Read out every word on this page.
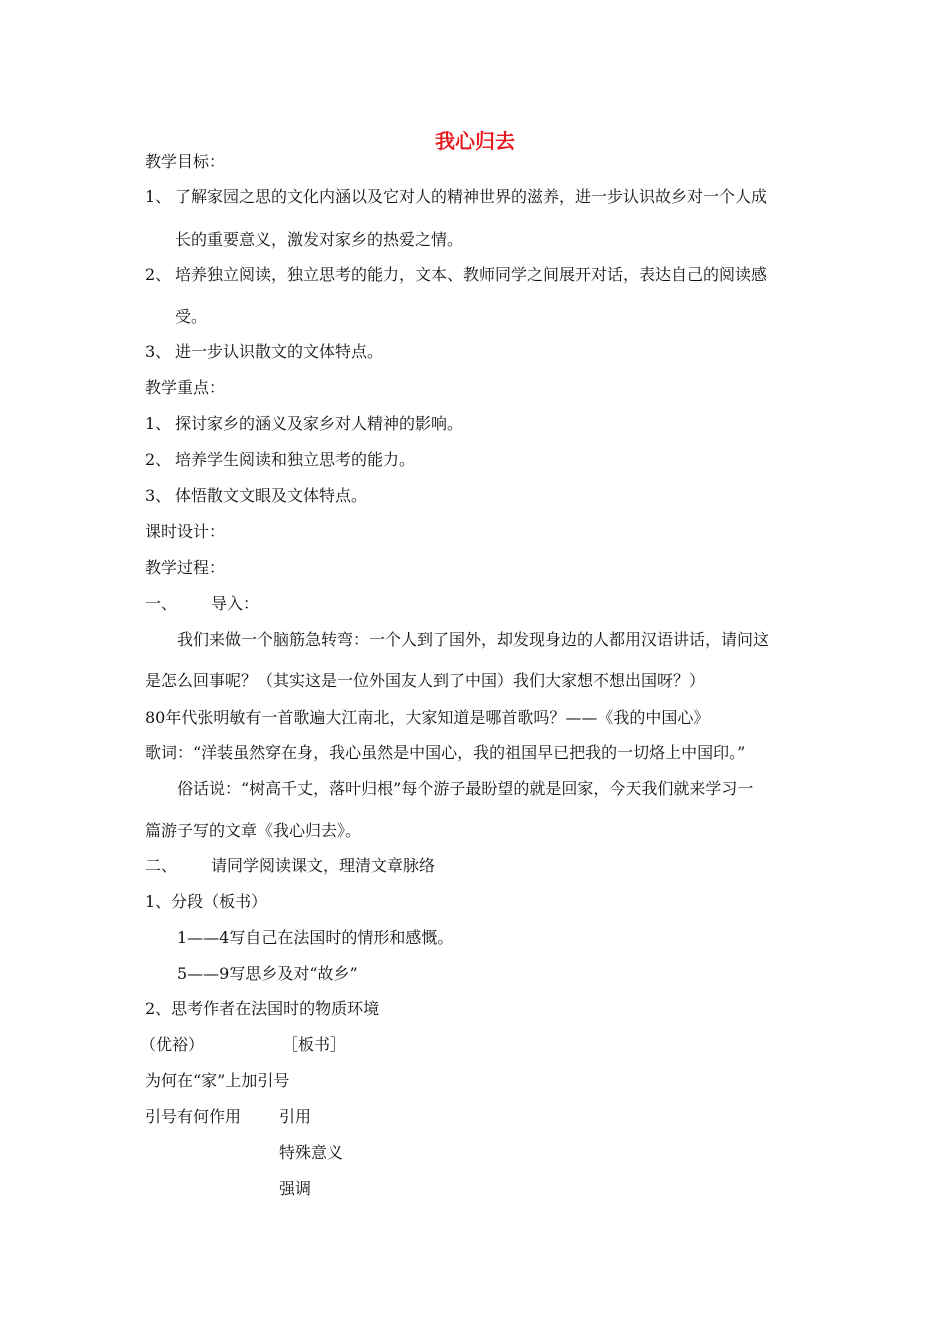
我心归去
教学目标：
1、 了解家园之思的文化内涵以及它对人的精神世界的滋养，进一步认识故乡对一个人成
长的重要意义，激发对家乡的热爱之情。
2、 培养独立阅读，独立思考的能力，文本、教师同学之间展开对话，表达自己的阅读感
受。
3、 进一步认识散文的文体特点。
教学重点：
1、 探讨家乡的涵义及家乡对人精神的影响。
2、 培养学生阅读和独立思考的能力。
3、 体悟散文文眼及文体特点。
课时设计：
教学过程：
一、 导入：
我们来做一个脑筋急转弯：一个人到了国外，却发现身边的人都用汉语讲话，请问这
是怎么回事呢？（其实这是一位外国友人到了中国）我们大家想不想出国呀？）
80年代张明敏有一首歌遍大江南北，大家知道是哪首歌吗？——《我的中国心》
歌词：“洋装虽然穿在身，我心虽然是中国心，我的祖国早已把我的一切烙上中国印。”
俗话说：“树高千丈，落叶归根”每个游子最盼望的就是回家，今天我们就来学习一
篇游子写的文章《我心归去》。
二、 请同学阅读课文，理清文章脉络
1、分段（板书）
1——4写自己在法国时的情形和感慨。
5——9写思乡及对“故乡”
2、思考作者在法国时的物质环境
（优裕）	［板书］
为何在“家”上加引号
引号有何作用 引用
特殊意义
强调
